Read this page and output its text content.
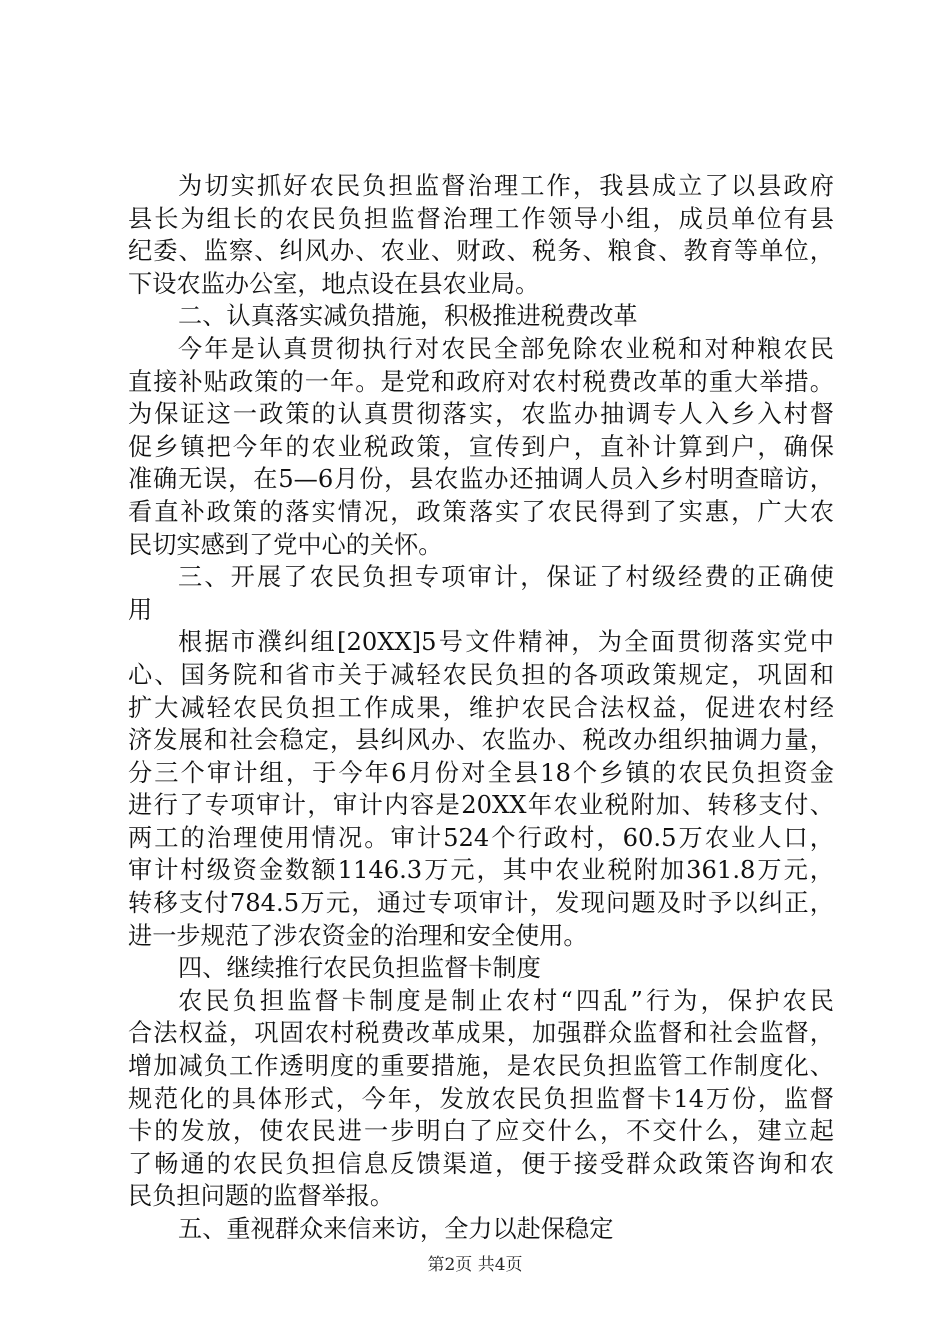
为切实抓好农民负担监督治理工作，我县成立了以县政府
县长为组长的农民负担监督治理工作领导小组，成员单位有县
纪委、监察、纠风办、农业、财政、税务、粮食、教育等单位，
下设农监办公室，地点设在县农业局。
二、认真落实减负措施，积极推进税费改革
今年是认真贯彻执行对农民全部免除农业税和对种粮农民
直接补贴政策的一年。是党和政府对农村税费改革的重大举措。
为保证这一政策的认真贯彻落实，农监办抽调专人入乡入村督
促乡镇把今年的农业税政策，宣传到户，直补计算到户，确保
准确无误，在5—6月份，县农监办还抽调人员入乡村明查暗访，
看直补政策的落实情况，政策落实了农民得到了实惠，广大农
民切实感到了党中心的关怀。
三、开展了农民负担专项审计，保证了村级经费的正确使
用
根据市濮纠组[20XX]5号文件精神，为全面贯彻落实党中
心、国务院和省市关于减轻农民负担的各项政策规定，巩固和
扩大减轻农民负担工作成果，维护农民合法权益，促进农村经
济发展和社会稳定，县纠风办、农监办、税改办组织抽调力量，
分三个审计组，于今年6月份对全县18个乡镇的农民负担资金
进行了专项审计，审计内容是20XX年农业税附加、转移支付、
两工的治理使用情况。审计524个行政村，60.5万农业人口，
审计村级资金数额1146.3万元，其中农业税附加361.8万元，
转移支付784.5万元，通过专项审计，发现问题及时予以纠正，
进一步规范了涉农资金的治理和安全使用。
四、继续推行农民负担监督卡制度
农民负担监督卡制度是制止农村“四乱”行为，保护农民
合法权益，巩固农村税费改革成果，加强群众监督和社会监督，
增加减负工作透明度的重要措施，是农民负担监管工作制度化、
规范化的具体形式，今年，发放农民负担监督卡14万份，监督
卡的发放，使农民进一步明白了应交什么，不交什么，建立起
了畅通的农民负担信息反馈渠道，便于接受群众政策咨询和农
民负担问题的监督举报。
五、重视群众来信来访，全力以赴保稳定
第2页 共4页
